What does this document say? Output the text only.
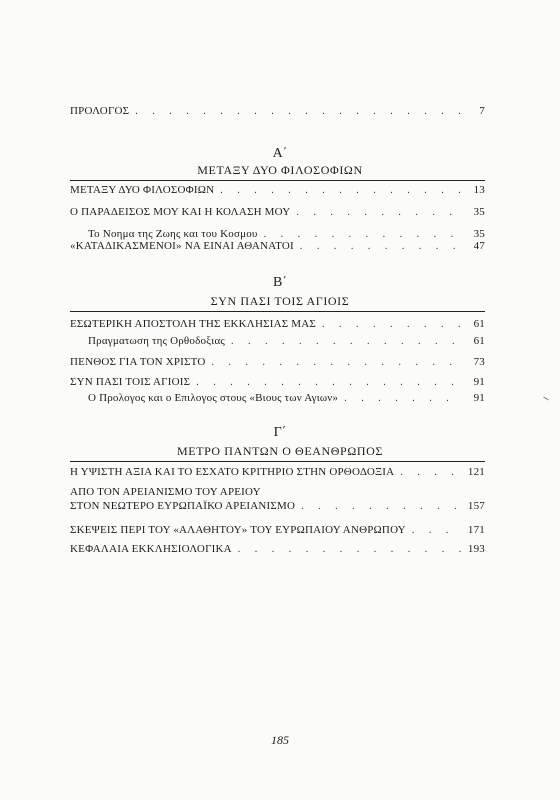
ΠΡΟΛΟΓΟΣ . . .	7
Α΄
ΜΕΤΑΞΥ ΔΥΟ ΦΙΛΟΣΟΦΙΩΝ
ΜΕΤΑΞΥ ΔΥΟ ΦΙΛΟΣΟΦΙΩΝ . . .	13
Ο ΠΑΡΑΔΕΙΣΟΣ ΜΟΥ ΚΑΙ Η ΚΟΛΑΣΗ ΜΟΥ . . .	35
Το Νοημα της Ζωης και του Κοσμου . . .	35
«ΚΑΤΑΔΙΚΑΣΜΕΝΟΙ» ΝΑ ΕΙΝΑΙ ΑΘΑΝΑΤΟΙ . . .	47
Β΄
ΣΥΝ ΠΑΣΙ ΤΟΙΣ ΑΓΙΟΙΣ
ΕΣΩΤΕΡΙΚΗ ΑΠΟΣΤΟΛΗ ΤΗΣ ΕΚΚΛΗΣΙΑΣ ΜΑΣ . . .	61
Πραγματωση της Ορθοδοξιας . . .	61
ΠΕΝΘΟΣ ΓΙΑ ΤΟΝ ΧΡΙΣΤΟ . . .	73
ΣΥΝ ΠΑΣΙ ΤΟΙΣ ΑΓΙΟΙΣ . . .	91
Ο Προλογος και ο Επιλογος στους «Βιους των Αγιων» . . .	91
Γ΄
ΜΕΤΡΟ ΠΑΝΤΩΝ Ο ΘΕΑΝΘΡΩΠΟΣ
Η ΥΨΙΣΤΗ ΑΞΙΑ ΚΑΙ ΤΟ ΕΣΧΑΤΟ ΚΡΙΤΗΡΙΟ ΣΤΗΝ ΟΡΘΟΔΟΞΙΑ . . .	121
ΑΠΟ ΤΟΝ ΑΡΕΙΑΝΙΣΜΟ ΤΟΥ ΑΡΕΙΟΥ
ΣΤΟΝ ΝΕΩΤΕΡΟ ΕΥΡΩΠΑΪΚΟ ΑΡΕΙΑΝΙΣΜΟ . . .	157
ΣΚΕΨΕΙΣ ΠΕΡΙ ΤΟΥ «ΑΛΑΘΗΤΟΥ» ΤΟΥ ΕΥΡΩΠΑΙΟΥ ΑΝΘΡΩΠΟΥ . . .	171
ΚΕΦΑΛΑΙΑ ΕΚΚΛΗΣΙΟΛΟΓΙΚΑ . . .	193
185
